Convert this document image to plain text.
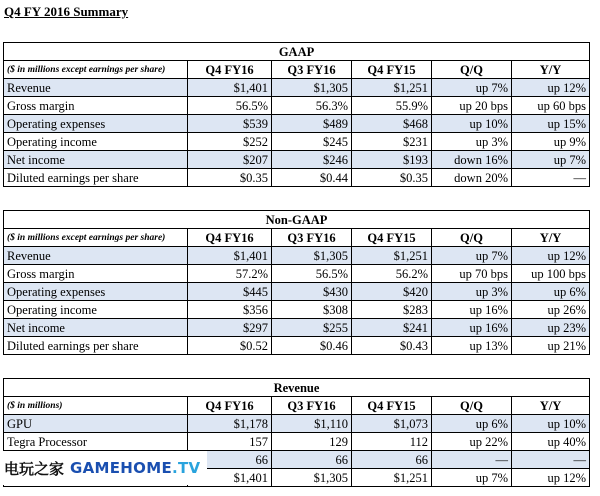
Q4 FY 2016 Summary
GAAP					
($ in millions except earnings per share)	Q4 FY16	Q3 FY16	Q4 FY15	Q/Q	Y/Y
Revenue	$1,401	$1,305	$1,251	up 7%	up 12%
Gross margin	56.5%	56.3%	55.9%	up 20 bps	up 60 bps
Operating expenses	$539	$489	$468	up 10%	up 15%
Operating income	$252	$245	$231	up 3%	up 9%
Net income	$207	$246	$193	down 16%	up 7%
Diluted earnings per share	$0.35	$0.44	$0.35	down 20%	—
Non-GAAP					
($ in millions except earnings per share)	Q4 FY16	Q3 FY16	Q4 FY15	Q/Q	Y/Y
Revenue	$1,401	$1,305	$1,251	up 7%	up 12%
Gross margin	57.2%	56.5%	56.2%	up 70 bps	up 100 bps
Operating expenses	$445	$430	$420	up 3%	up 6%
Operating income	$356	$308	$283	up 16%	up 26%
Net income	$297	$255	$241	up 16%	up 23%
Diluted earnings per share	$0.52	$0.46	$0.43	up 13%	up 21%
Revenue					
($ in millions)	Q4 FY16	Q3 FY16	Q4 FY15	Q/Q	Y/Y
GPU	$1,178	$1,110	$1,073	up 6%	up 10%
Tegra Processor	157	129	112	up 22%	up 40%
	66	66	66	—	—
	$1,401	$1,305	$1,251	up 7%	up 12%
电玩之家 GAMEHOME .TV
